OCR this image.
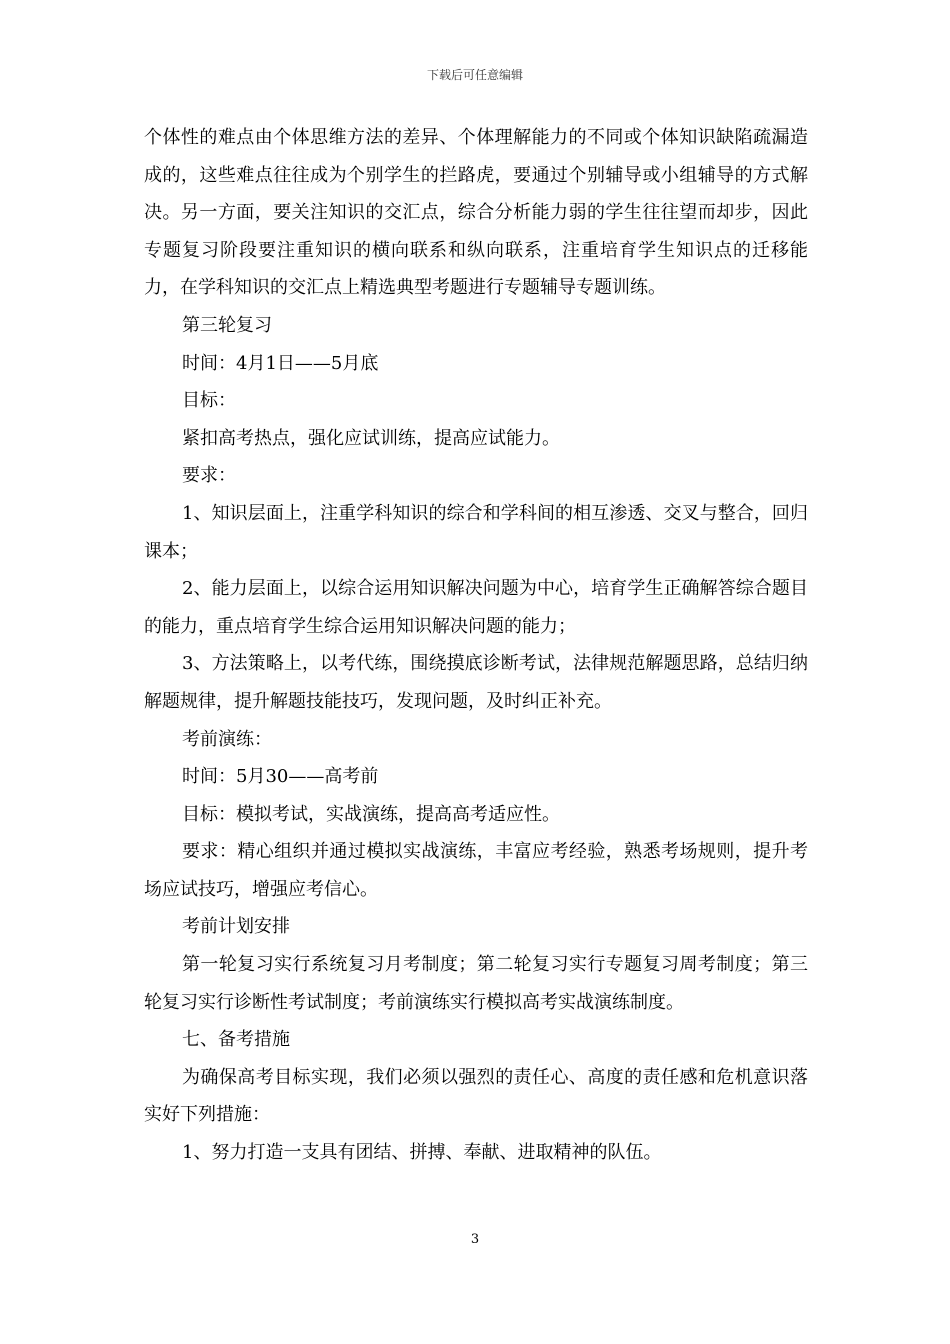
下载后可任意编辑

个体性的难点由个体思维方法的差异、个体理解能力的不同或个体知识缺陷疏漏造成的，这些难点往往成为个别学生的拦路虎，要通过个别辅导或小组辅导的方式解决。另一方面，要关注知识的交汇点，综合分析能力弱的学生往往望而却步，因此专题复习阶段要注重知识的横向联系和纵向联系，注重培育学生知识点的迁移能力，在学科知识的交汇点上精选典型考题进行专题辅导专题训练。

第三轮复习

时间：4月1日——5月底

目标：

紧扣高考热点，强化应试训练，提高应试能力。

要求：

1、知识层面上，注重学科知识的综合和学科间的相互渗透、交叉与整合，回归课本；

2、能力层面上，以综合运用知识解决问题为中心，培育学生正确解答综合题目的能力，重点培育学生综合运用知识解决问题的能力；

3、方法策略上，以考代练，围绕摸底诊断考试，法律规范解题思路，总结归纳解题规律，提升解题技能技巧，发现问题，及时纠正补充。

考前演练：

时间：5月30——高考前

目标：模拟考试，实战演练，提高高考适应性。

要求：精心组织并通过模拟实战演练，丰富应考经验，熟悉考场规则，提升考场应试技巧，增强应考信心。

考前计划安排

第一轮复习实行系统复习月考制度；第二轮复习实行专题复习周考制度；第三轮复习实行诊断性考试制度；考前演练实行模拟高考实战演练制度。

七、备考措施

为确保高考目标实现，我们必须以强烈的责任心、高度的责任感和危机意识落实好下列措施：

1、努力打造一支具有团结、拼搏、奉献、进取精神的队伍。

3
